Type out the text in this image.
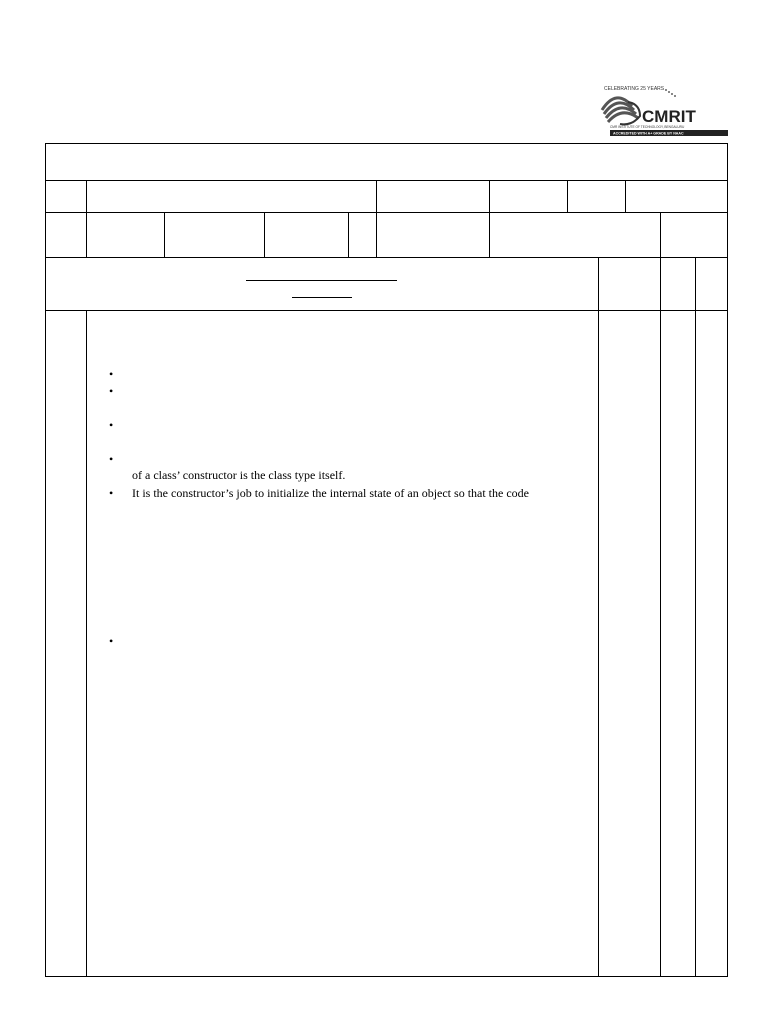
CELEBRATING 25 YEARS
CMRIT
CMR INSTITUTE OF TECHNOLOGY, BENGALURU
ACCREDITED WITH A+ GRADE BY NAAC
•
•
•
•
•
•
of a class’ constructor is the class type itself.
It is the constructor’s job to initialize the internal state of an object so that the code
